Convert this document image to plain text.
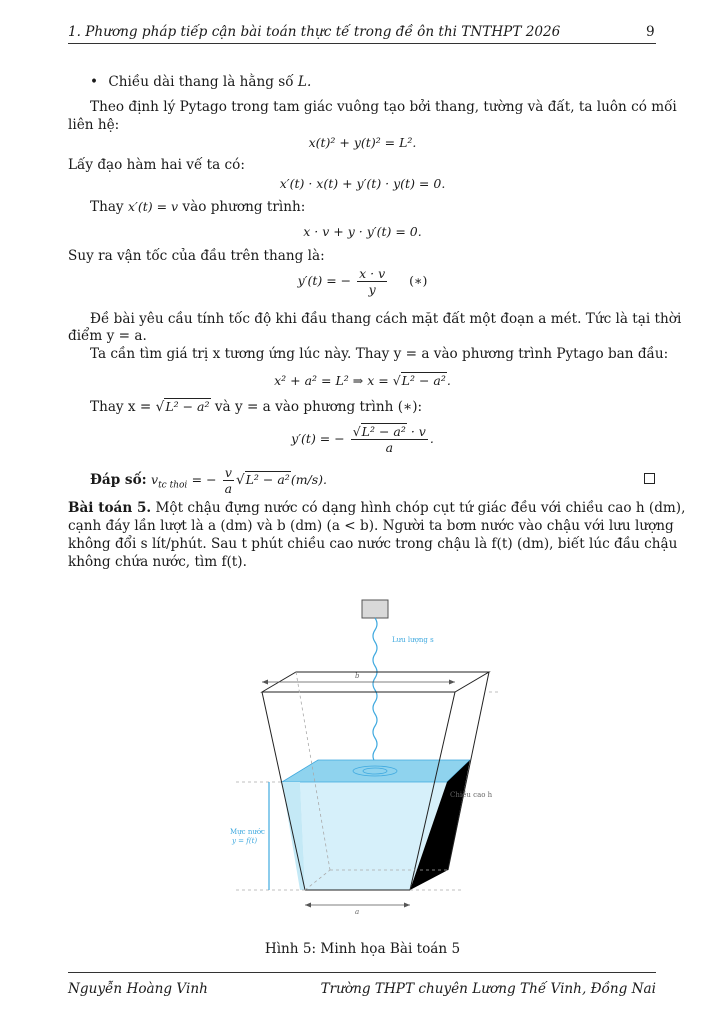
1. Phương pháp tiếp cận bài toán thực tế trong đề ôn thi TNTHPT 2026	9
• Chiều dài thang là hằng số L.
Theo định lý Pytago trong tam giác vuông tạo bởi thang, tường và đất, ta luôn có mối
liên hệ:
x(t)² + y(t)² = L².
Lấy đạo hàm hai vế ta có:
x′(t) · x(t) + y′(t) · y(t) = 0.
Thay x′(t) = v vào phương trình:
x · v + y · y′(t) = 0.
Suy ra vận tốc của đầu trên thang là:
y′(t) = − $\frac{x \cdot v}{y}$ (∗)
Đề bài yêu cầu tính tốc độ khi đầu thang cách mặt đất một đoạn a mét. Tức là tại thời
điểm y = a.
Ta cần tìm giá trị x tương ứng lúc này. Thay y = a vào phương trình Pytago ban đầu:
x² + a² = L² ⇒ x = √L² − a².
Thay x = √L² − a² và y = a vào phương trình (∗):
y′(t) = − $\frac{\text{√L² − a² · v}}{a}$ .
Đáp số: $v_{tc thoi}$ = − $\frac{v}{a} √L^2 - a^2(m/s)$.
Bài toán 5. Một chậu đựng nước có dạng hình chóp cụt tứ giác đều với chiều cao h (dm),
cạnh đáy lần lượt là a (dm) và b (dm) (a < b). Người ta bơm nước vào chậu với lưu lượng
không đổi s lít/phút. Sau t phút chiều cao nước trong chậu là f(t) (dm), biết lúc đầu chậu
không chứa nước, tìm f(t).
Lưu lượng s
b
Chiều cao h
Mực nước
y = f(t)
a
Hình 5: Minh họa Bài toán 5
Nguyễn Hoàng Vinh	Trường THPT chuyên Lương Thế Vinh, Đồng Nai
